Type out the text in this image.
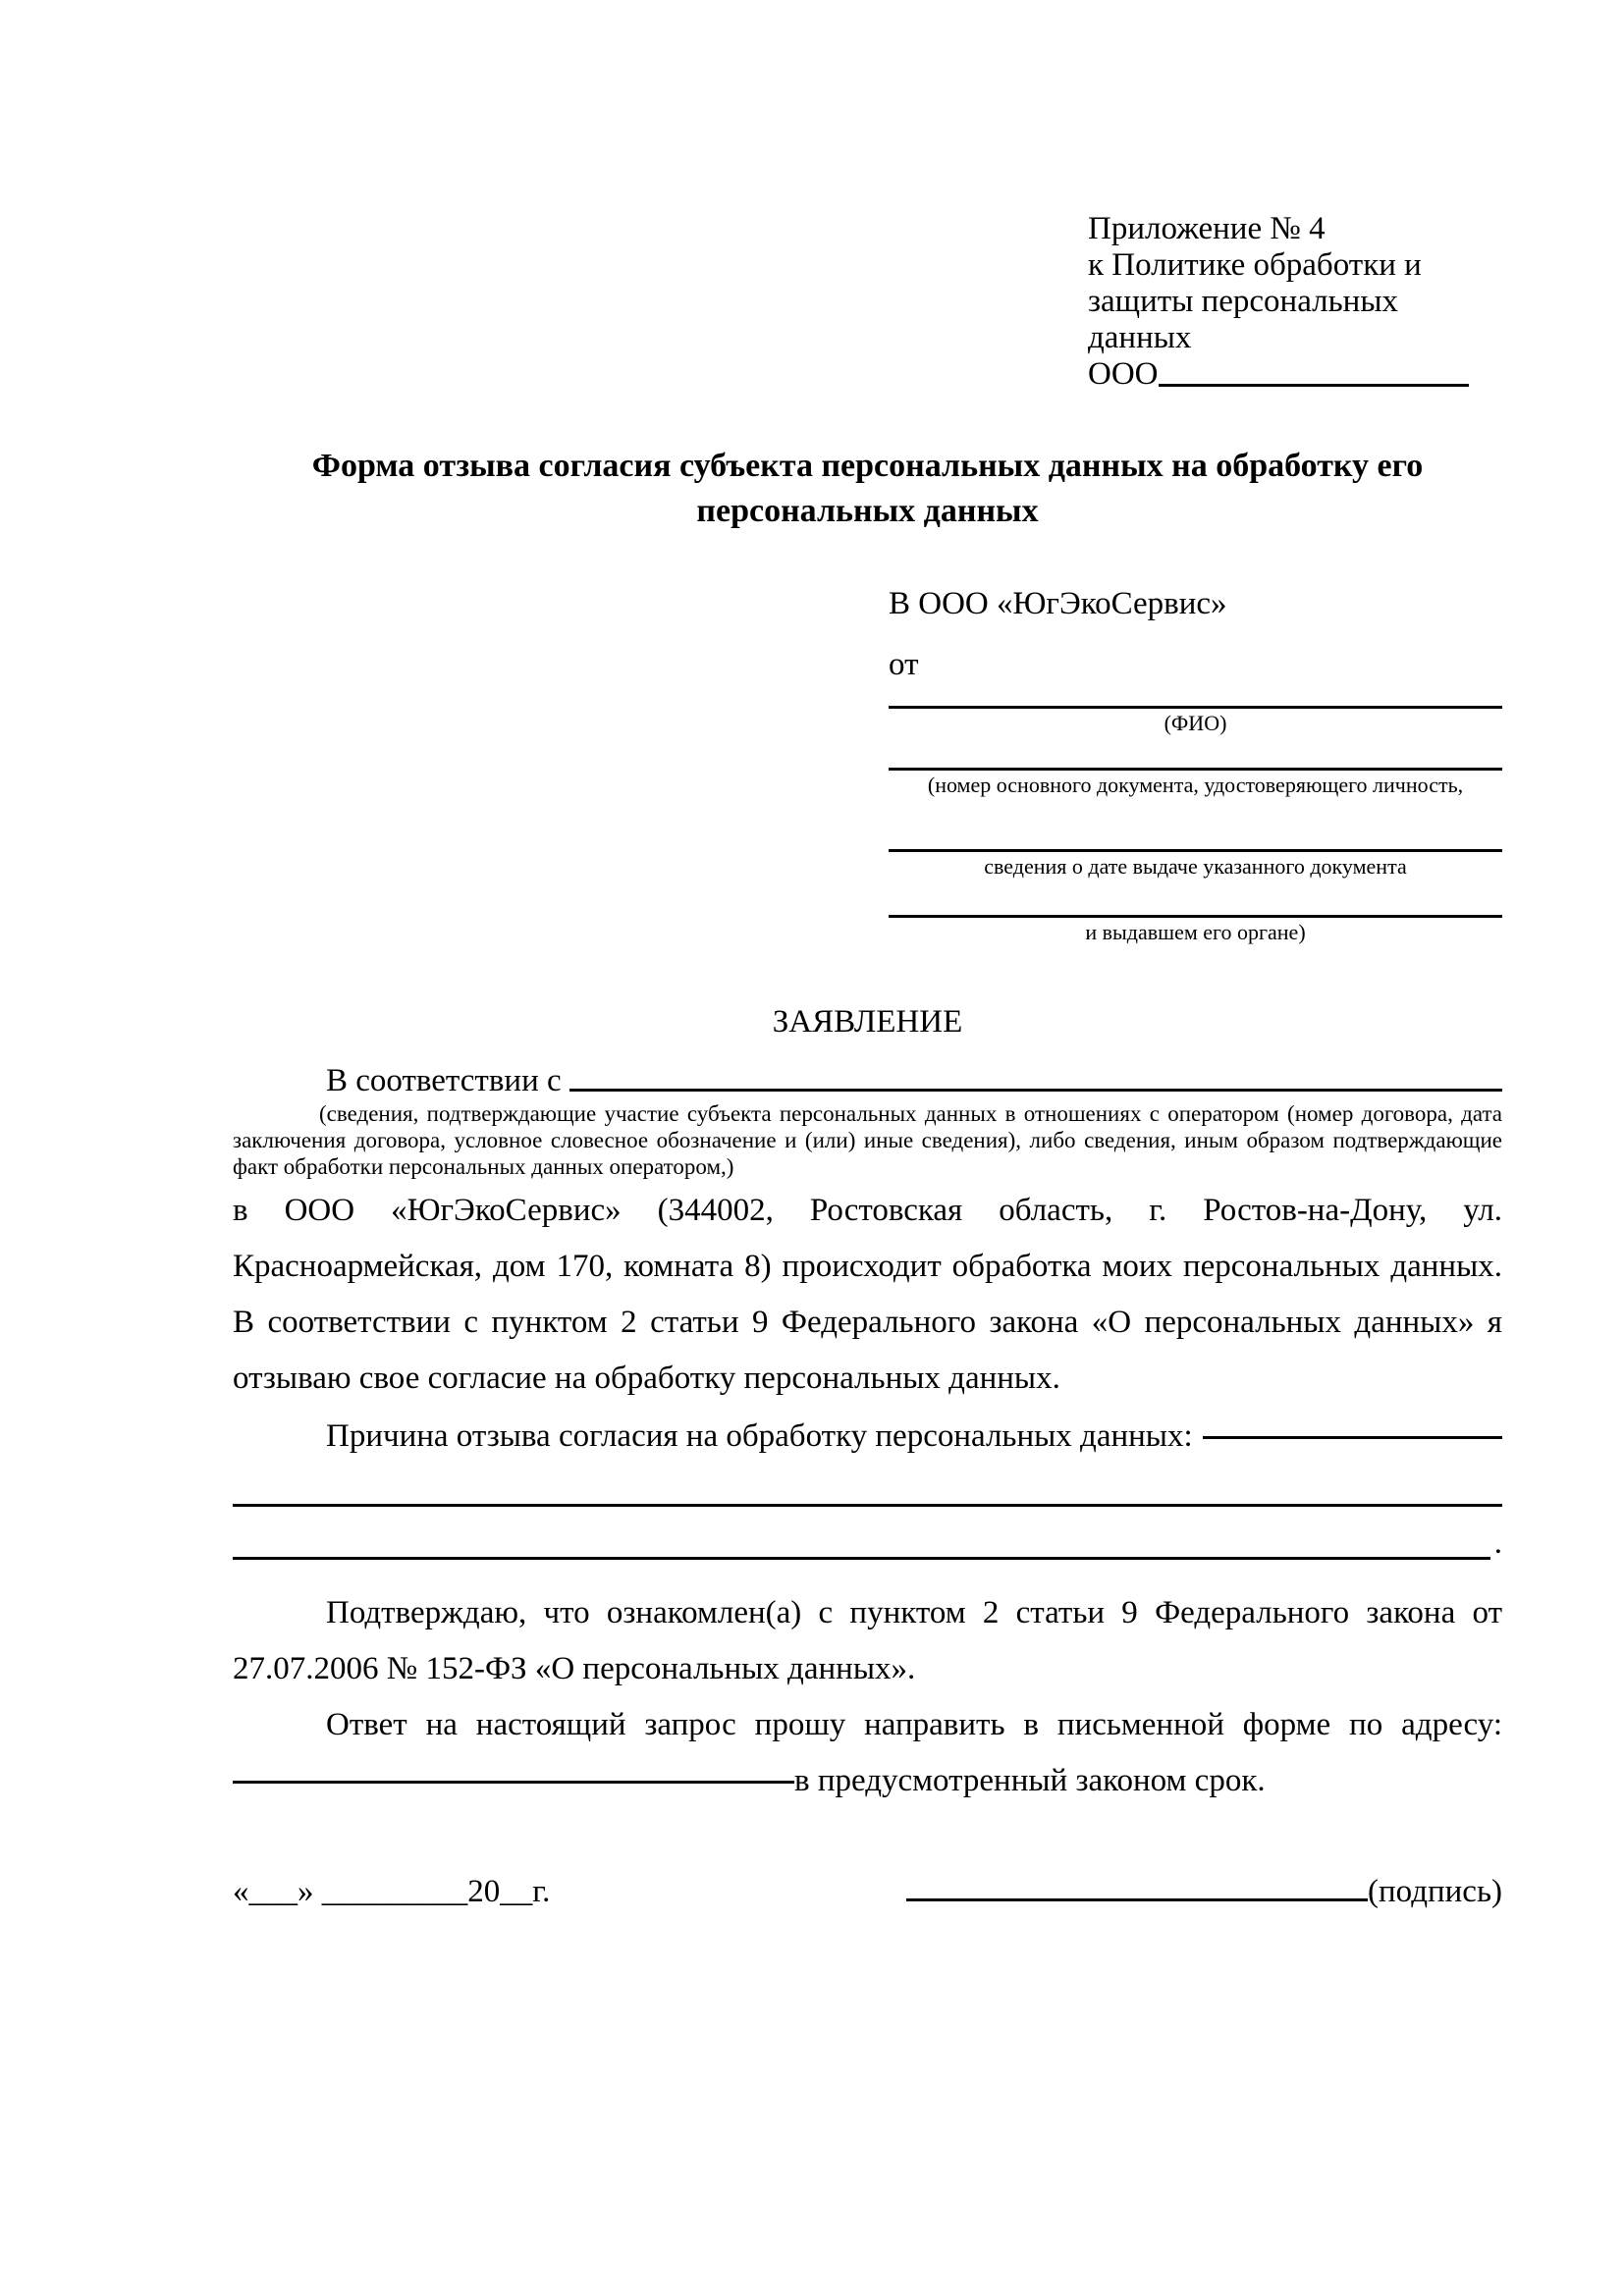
Приложение № 4
к Политике обработки и
защиты персональных данных
ООО
Форма отзыва согласия субъекта персональных данных на обработку его персональных данных
В ООО «ЮгЭкоСервис»
от
(ФИО)
(номер основного документа, удостоверяющего личность,
сведения о дате выдаче указанного документа
и выдавшем его органе)
ЗАЯВЛЕНИЕ
В соответствии с
(сведения, подтверждающие участие субъекта персональных данных в отношениях с оператором (номер договора, дата заключения договора, условное словесное обозначение и (или) иные сведения), либо сведения, иным образом подтверждающие факт обработки персональных данных оператором,)
в ООО «ЮгЭкоСервис» (344002, Ростовская область, г. Ростов-на-Дону, ул. Красноармейская, дом 170, комната 8) происходит обработка моих персональных данных. В соответствии с пунктом 2 статьи 9 Федерального закона «О персональных данных» я отзываю свое согласие на обработку персональных данных.
Причина отзыва согласия на обработку персональных данных:
.
Подтверждаю, что ознакомлен(а) с пунктом 2 статьи 9 Федерального закона от 27.07.2006 № 152-ФЗ «О персональных данных».
Ответ на настоящий запрос прошу направить в письменной форме по адресу:
в предусмотренный законом срок.
«___» _________20__г.	(подпись)
